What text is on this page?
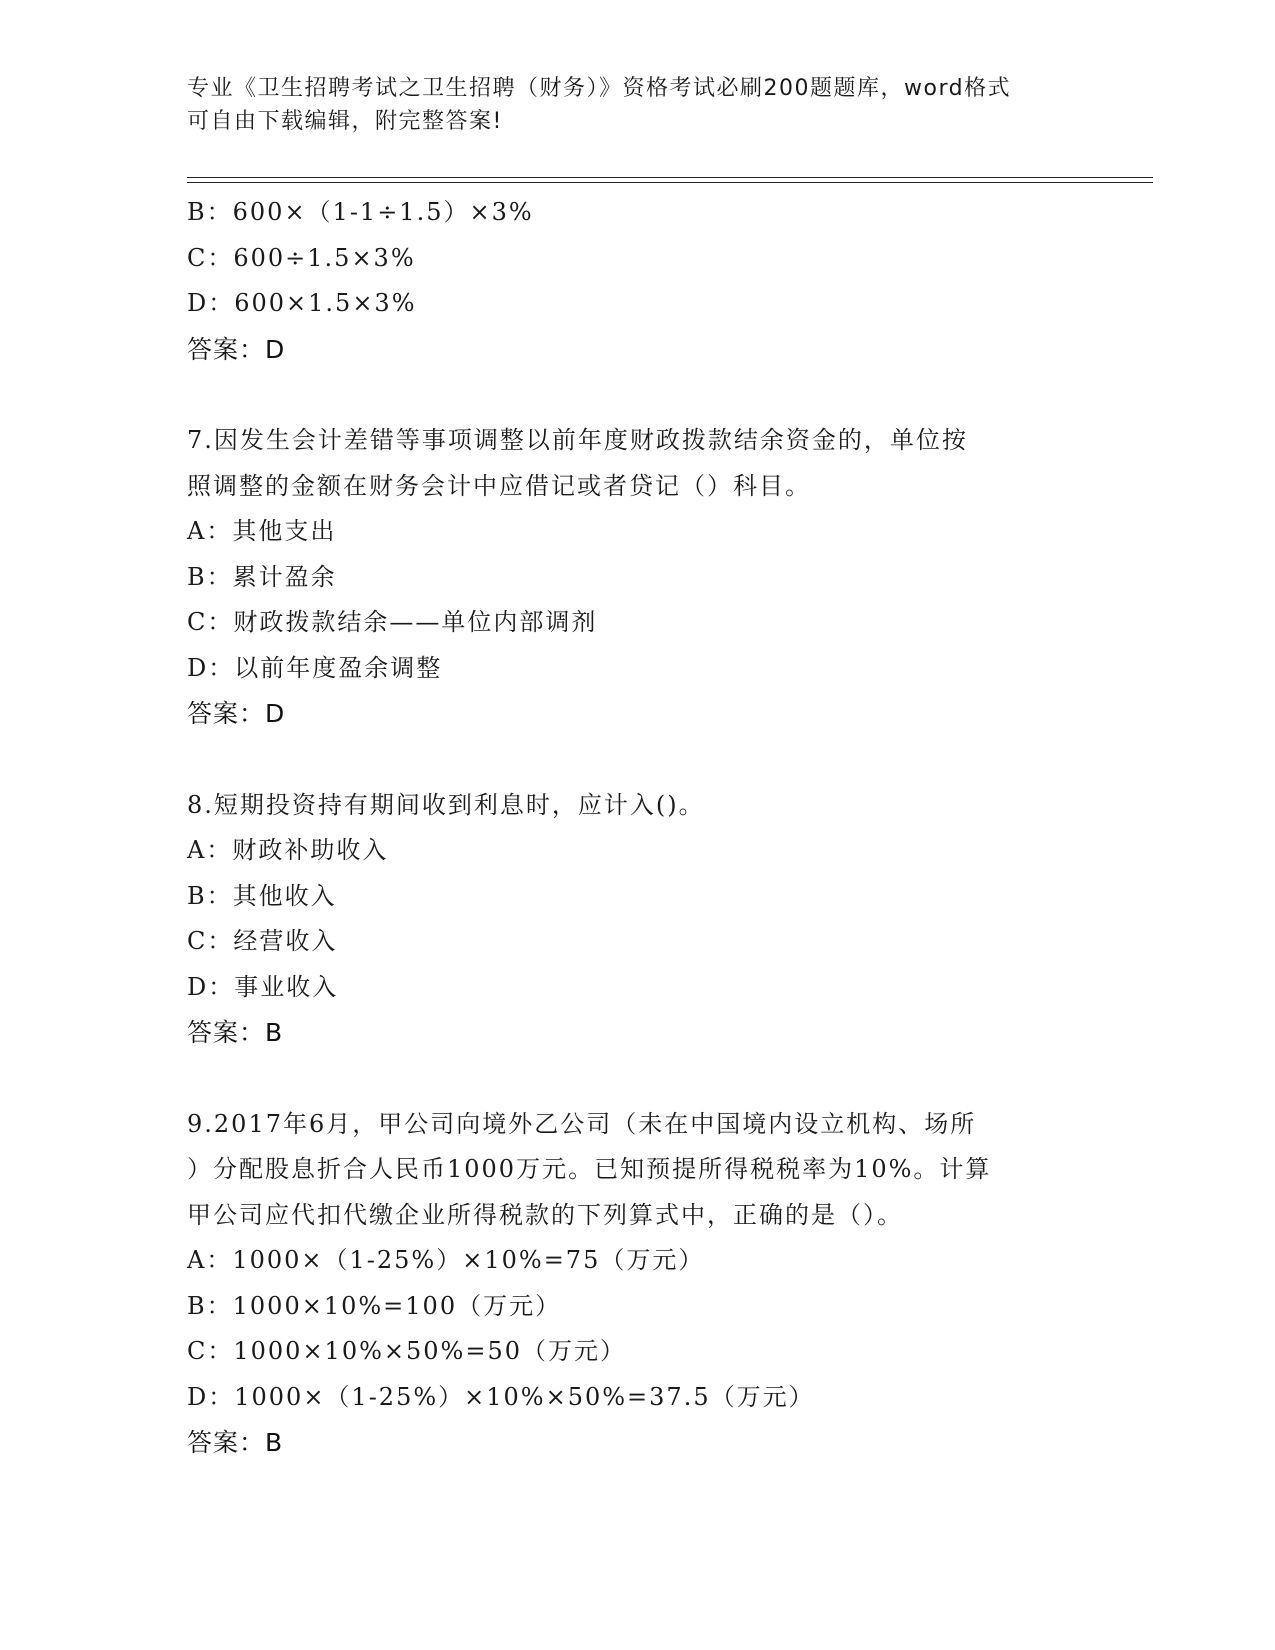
专业《卫生招聘考试之卫生招聘（财务）》资格考试必刷200题题库，word格式
可自由下载编辑，附完整答案!
B：600×（1-1÷1.5）×3%
C：600÷1.5×3%
D：600×1.5×3%
答案：D
7.因发生会计差错等事项调整以前年度财政拨款结余资金的，单位按
照调整的金额在财务会计中应借记或者贷记（）科目。
A：其他支出
B：累计盈余
C：财政拨款结余——单位内部调剂
D：以前年度盈余调整
答案：D
8.短期投资持有期间收到利息时，应计入()。
A：财政补助收入
B：其他收入
C：经营收入
D：事业收入
答案：B
9.2017年6月，甲公司向境外乙公司（未在中国境内设立机构、场所
）分配股息折合人民币1000万元。已知预提所得税税率为10%。计算
甲公司应代扣代缴企业所得税款的下列算式中，正确的是（）。
A：1000×（1-25%）×10%=75（万元）
B：1000×10%=100（万元）
C：1000×10%×50%=50（万元）
D：1000×（1-25%）×10%×50%=37.5（万元）
答案：B
